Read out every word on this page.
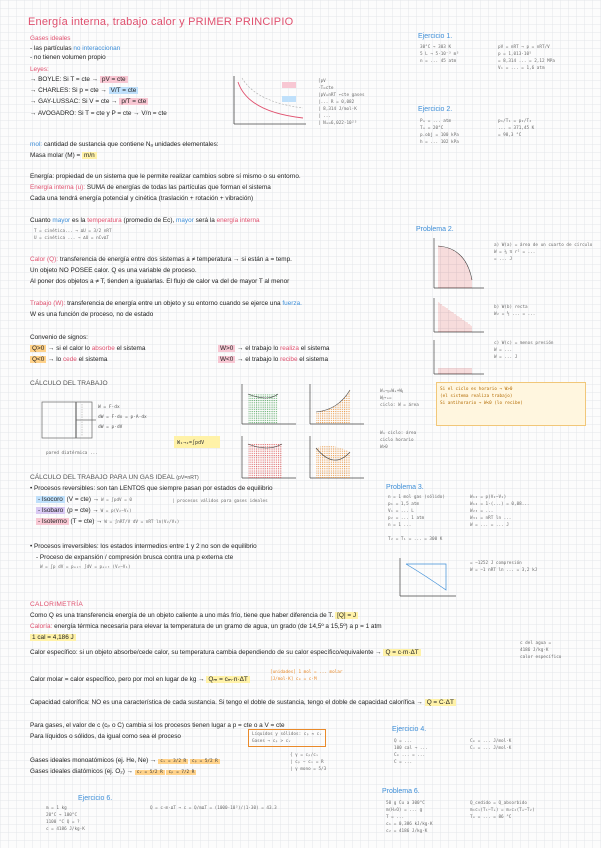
Energía interna, trabajo calor y PRIMER PRINCIPIO
Gases ideales
- las partículas no interaccionan
- no tienen volumen propio
Leyes:
→ BOYLE: Si T = cte → pV = cte
→ CHARLES: Si p = cte → V/T = cte
→ GAY-LUSSAC: Si V = cte → p/T = cte
→ AVOGADRO: Si T = cte y P = cte → V/n = cte
[pV
·T=cte
|pV=nRT ←cte gases
|... R = 0,082
| 8,314 J/mol·K
| ...
| Nₐ=6,022·10²³
mol: cantidad de sustancia que contiene Nₐ unidades elementales:
Masa molar (M) = m/n
Energía: propiedad de un sistema que le permite realizar cambios sobre sí mismo o su entorno.
Energía interna (u): SUMA de energías de todas las partículas que forman el sistema
Cada una tendrá energía potencial y cinética (traslación + rotación + vibración)
Cuanto mayor es la temperatura (promedio de Ec), mayor será la energía interna
T = cinética... → ΔU = 3/2 nRT
U = cinética ... → ΔU = nCvΔT
Calor (Q): transferencia de energía entre dos sistemas a ≠ temperatura → si están a = temp.
Un objeto NO POSEE calor. Q es una variable de proceso.
Al poner dos objetos a ≠ T, tienden a igualarlas. El flujo de calor va del de mayor T al menor
Trabajo (W): transferencia de energía entre un objeto y su entorno cuando se ejerce una fuerza.
W es una función de proceso, no de estado
Convenio de signos:
Q>0 → si el calor lo absorbe el sistema
Q<0 → lo cede el sistema
W>0 → el trabajo lo realiza el sistema
W<0 → el trabajo lo recibe el sistema
CÁLCULO DEL TRABAJO
W = F·dx
dW = F·dx = p·A·dx
dW = p·dV
pared diatérmica ...
W₁→₂=∫pdV
Wₐ→ᵦ=Wₐ+Wᵦ
Wᵦ→ₐ=
ciclo: W = área

Wₐ ciclo: área
ciclo horario
W>0
Si el ciclo es horario → W>0
(el sistema realiza trabajo)
Si antihorario → W<0 (lo recibe)
CÁLCULO DEL TRABAJO PARA UN GAS IDEAL (pV=nRT)
• Procesos reversibles: son tan LENTOS que siempre pasan por estados de equilibrio
- Isocoro (V = cte) → W = ∫pdV = 0
- Isobaro (p = cte) → W = p(V₂−V₁)
- Isotermo (T = cte) → W = ∫nRT/V dV = nRT ln(V₂/V₁)
| procesos válidos para gases ideales
• Procesos irreversibles: los estados intermedios entre 1 y 2 no son de equilibrio
- Proceso de expansión / compresión brusca contra una p externa cte
W = ∫p dV = pₑₓₜ ∫dV = pₑₓₜ (V₂−V₁)
CALORIMETRÍA
Como Q es una transferencia energía de un objeto caliente a uno más frío, tiene que haber diferencia de T. [Q] = J
Caloría: energía térmica necesaria para elevar la temperatura de un gramo de agua, un grado (de 14,5º a 15,5º) a p = 1 atm
1 cal = 4,186 J
Calor específico: si un objeto absorbe/cede calor, su temperatura cambia dependiendo de su calor específico/equivalente → Q = c·m·ΔT
c del agua =
4186 J/kg·K
calor específico
Calor molar = calor específico, pero por mol en lugar de kg → Qₘ = cₘ·n·ΔT
[unidades] 1 mol = ... molar
[J/mol·K] cₘ = c·M
Capacidad calorífica: NO es una característica de cada sustancia. Si tengo el doble de sustancia, tengo el doble de capacidad calorífica → Q = C·ΔT
Para gases, el valor de c (cₚ o C) cambia si los procesos tienen lugar a p = cte o a V = cte
Para líquidos o sólidos, da igual como sea el proceso	Líquidos y sólidos: cₚ ≈ cᵥ
Gases → cₚ > cᵥ
Gases ideales monoatómicos (ej. He, Ne) → cᵥ = 3/2 R cₚ = 5/2 R
Gases ideales diatómicos (ej. O₂) → cᵥ = 5/2 R cₚ = 7/2 R
{ γ = cₚ/cᵥ
| cₚ − cᵥ = R
| γ mono = 5/3
Ejercicio 6.
m = 1 kg
20°C → 100°C
1100 °C Q = ?
c = 4186 J/kg·K
Q = c·m·ΔT → c = Q/mΔT = (1000·10³)/(1·30) = 43.3
Ejercicio 1.
30°C → 303 K
5 L → 5·10⁻³ m³
n = ... 45 atm
pV = nRT → p = nRT/V
p = 1,013·10⁵
= 8,314 ... = 2,12 MPa
V₁ = ... = 1,6 atm
Ejercicio 2.
Pₐ = ... atm
Tₐ = 20°C
p.obj = 100 kPa
h = ... 102 kPa
p₁/T₁ = p₂/T₂
... = 371,45 K
= 98,3 °C
Problema 2.
a) W(a) = área de un cuarto de círculo
W = ¼ π r² = ...
= ... J
b) W(b) recta
W₂ = ½ ... = ...
c) W(c) = menos presión
W = ...
W = ... J
Problema 3.
n = 1 mol gas (sólido)
p₁ = 1,5 atm
V₁ = ... L
p₂ = ... 1 atm
n = 1 ...

T₂ = T₁ = ... = 300 K
W₁₂ = p(V₂−V₁)
W₁₂ = 1·(...) = 0,08...
W₂₃ = ...
W₃₁ = nRT ln ...
W = ... = ... J
= −1252 J compresión
W = −1 nRT ln ... = 3,2 kJ
Ejercicio 4.
Q = ...
100 cal → ...
Cₘ ... = ...
C = ...
Cₘ = ... J/mol·K
Cᵥ = ... J/mol·K
Problema 6.
50 g Cu a 300°C
m(H₂O) = ... g
T = ...
c₁ = 0,386 kJ/kg·K
c₂ = 4186 J/kg·K
Q_cedido = Q_absorbido
m₁c₁(T₁−Tₑ) = m₂c₂(Tₑ−T₂)
Tₑ = ... = 86 °C
